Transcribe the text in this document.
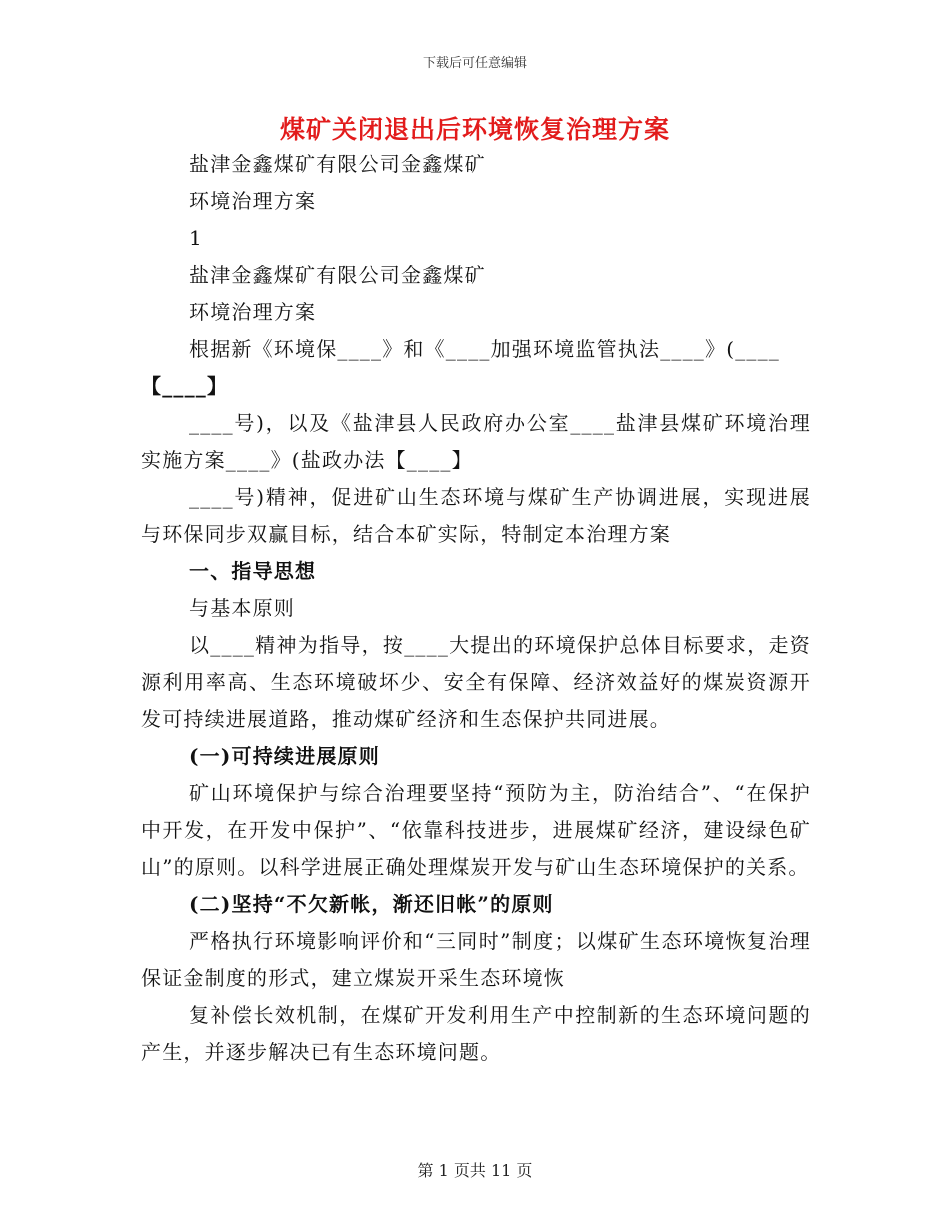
下载后可任意编辑
煤矿关闭退出后环境恢复治理方案

盐津金鑫煤矿有限公司金鑫煤矿

环境治理方案

1

盐津金鑫煤矿有限公司金鑫煤矿

环境治理方案

根据新《环境保____》和《____加强环境监管执法____》(____

【____】

____号)，以及《盐津县人民政府办公室____盐津县煤矿环境治理实施方案____》(盐政办法【____】

____号)精神，促进矿山生态环境与煤矿生产协调进展，实现进展与环保同步双赢目标，结合本矿实际，特制定本治理方案

一、指导思想

与基本原则

以____精神为指导，按____大提出的环境保护总体目标要求，走资源利用率高、生态环境破坏少、安全有保障、经济效益好的煤炭资源开发可持续进展道路，推动煤矿经济和生态保护共同进展。

(一)可持续进展原则

矿山环境保护与综合治理要坚持“预防为主，防治结合”、“在保护中开发，在开发中保护”、“依靠科技进步，进展煤矿经济，建设绿色矿山”的原则。以科学进展正确处理煤炭开发与矿山生态环境保护的关系。

(二)坚持“不欠新帐，渐还旧帐”的原则

严格执行环境影响评价和“三同时”制度；以煤矿生态环境恢复治理保证金制度的形式，建立煤炭开采生态环境恢

复补偿长效机制，在煤矿开发利用生产中控制新的生态环境问题的产生，并逐步解决已有生态环境问题。

第 1 页共 11 页
